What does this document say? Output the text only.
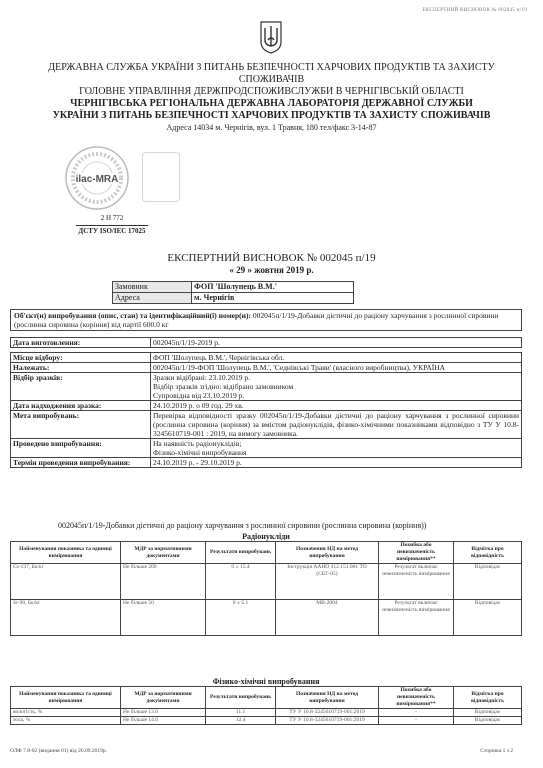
ЕКСПЕРТНИЙ ВИСНОВОК № 002045 п/19
ДЕРЖАВНА СЛУЖБА УКРАЇНИ З ПИТАНЬ БЕЗПЕЧНОСТІ ХАРЧОВИХ ПРОДУКТІВ ТА ЗАХИСТУ СПОЖИВАЧІВ
ГОЛОВНЕ УПРАВЛІННЯ ДЕРЖПРОДСПОЖИВСЛУЖБИ В ЧЕРНІГІВСЬКІЙ ОБЛАСТІ
ЧЕРНІГІВСЬКА РЕГІОНАЛЬНА ДЕРЖАВНА ЛАБОРАТОРІЯ ДЕРЖАВНОЇ СЛУЖБИ
УКРАЇНИ З ПИТАНЬ БЕЗПЕЧНОСТІ ХАРЧОВИХ ПРОДУКТІВ ТА ЗАХИСТУ СПОЖИВАЧІВ
Адреса 14034 м. Чернігів, вул. 1 Травня, 180 тел/факс 3-14-87
ilac-MRA
2 Н 772
ДСТУ ISO/IEC 17025
ЕКСПЕРТНИЙ ВИСНОВОК № 002045 п/19
« 29 » жовтня 2019 р.
Замовник	ФОП 'Шолупець В.М.'
Адреса	м. Чернігів
Об'єкт(и) випробування (опис, стан) та ідентифікаційний(і) номер(и): 002045п/1/19-Добавки дієтичні до раціону харчування з рослинної сировини (рослинна сировина (коріння) від партії 600.0 кг
Дата виготовлення:	002045п/1/19-2019 р.
Місце відбору:	ФОП 'Шолупець В.М.', Чернігівська обл.
Належать:	002045п/1/19-ФОП 'Шолупець В.М.', 'Седнівські Трави' (власного виробництва), УКРАЇНА
Відбір зразків:	Зразки відібрані: 23.10.2019 р.
Відбір зразків згідно: відібрано замовником
Супровідна від 23.10.2019 р.

Дата надходження зразка:	24.10.2019 р. о 09 год. 29 хв.
Мета випробувань:	Перевірка відповідності зразку 002045п/1/19-Добавки дієтичні до раціону харчування з рослинної сировини (рослинна сировина (коріння) за вмістом радіонуклідів, фізико-хімічними показниками відповідно з ТУ У 10.8-3245610719-001 : 2019, на вимогу замовника.
Проведено випробування:	На наявність радіонуклідів;
Фізико-хімічні випробування

Термін проведення випробування:	24.10.2019 р. - 29.10.2019 р.
002045п/1/19-Добавки дієтичні до раціону харчування з рослинної сировини (рослинна сировина (коріння))
Радіонукліди
Найменування показника та одиниці вимірювання	МДР за нормативними документами	Результати випробувань	Позначення НД на метод випробування	Похибка або невизначеність вимірювання**	Відмітка про відповідність
Cs-137, Бк/кг	Не більше 200	0 ± 15.4	Інструкція ААНО 412.151.001 ТО (СЕГ-05)	Результат включає невизначеність вимірювання	Відповідає
Sr-90, Бк/кг	Не більше 50	0 ± 5.1	МВ-2004	Результат включає невизначеність вимірювання	Відповідає
Фізико-хімічні випробування
Найменування показника та одиниці вимірювання	МДР за нормативними документами	Результати випробувань	Позначення НД на метод випробування	Похибка або невизначеність вимірювання**	Відмітка про відповідність
вологість, %	Не більше 13.0	11.1	ТУ У 10.8-3245610719-001:2019	-	Відповідає
зола, %	Не більше 14.0	12.4	ТУ У 10.8-3245610719-001:2019	-	Відповідає
ОЛФ 7.8-02 (видання 01) від 26.09.2019р.	Сторінка 1 з 2
